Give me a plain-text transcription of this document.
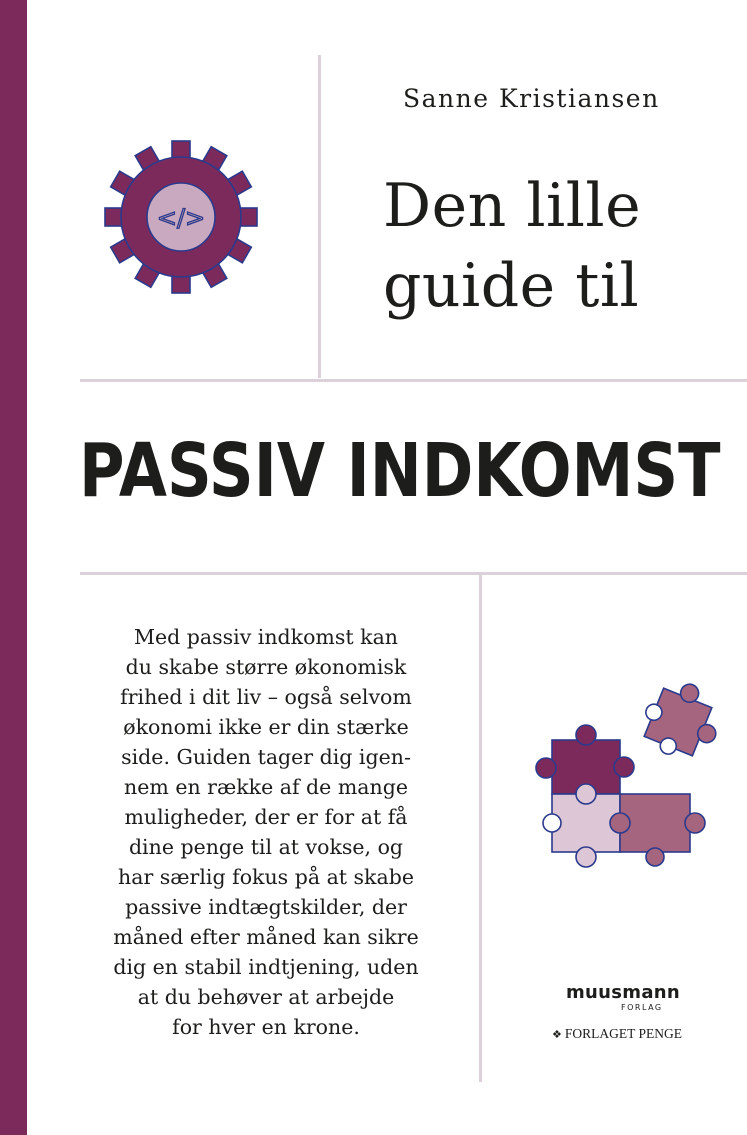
Sanne Kristiansen
Den lille
guide til
PASSIV INDKOMST
</>
Med passiv indkomst kan
du skabe større økonomisk
frihed i dit liv – også selvom
økonomi ikke er din stærke
side. Guiden tager dig igen-
nem en række af de mange
muligheder, der er for at få
dine penge til at vokse, og
har særlig fokus på at skabe
passive indtægtskilder, der
måned efter måned kan sikre
dig en stabil indtjening, uden
at du behøver at arbejde
for hver en krone.
muusmann
FORLAG
❖ FORLAGET PENGE
